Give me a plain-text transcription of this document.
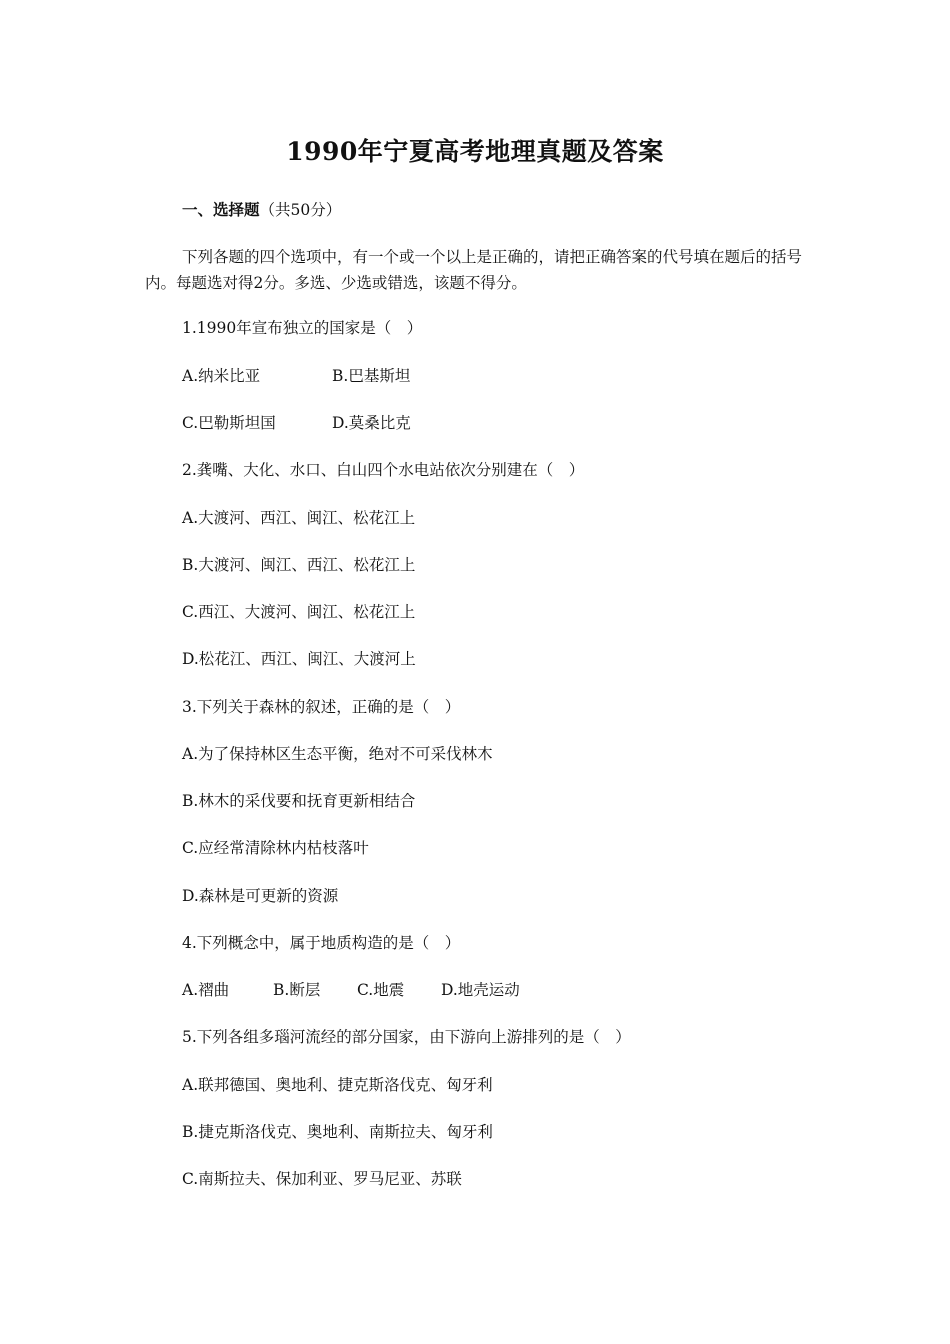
1990年宁夏高考地理真题及答案
一、选择题（共50分）
下列各题的四个选项中，有一个或一个以上是正确的，请把正确答案的代号填在题后的括号内。每题选对得2分。多选、少选或错选，该题不得分。
1.1990年宣布独立的国家是（　）
A.纳米比亚	B.巴基斯坦
C.巴勒斯坦国	D.莫桑比克
2.龚嘴、大化、水口、白山四个水电站依次分别建在（　）
A.大渡河、西江、闽江、松花江上
B.大渡河、闽江、西江、松花江上
C.西江、大渡河、闽江、松花江上
D.松花江、西江、闽江、大渡河上
3.下列关于森林的叙述，正确的是（　）
A.为了保持林区生态平衡，绝对不可采伐林木
B.林木的采伐要和抚育更新相结合
C.应经常清除林内枯枝落叶
D.森林是可更新的资源
4.下列概念中，属于地质构造的是（　）
A.褶曲	B.断层 C.地震 D.地壳运动
5.下列各组多瑙河流经的部分国家，由下游向上游排列的是（　）
A.联邦德国、奥地利、捷克斯洛伐克、匈牙利
B.捷克斯洛伐克、奥地利、南斯拉夫、匈牙利
C.南斯拉夫、保加利亚、罗马尼亚、苏联
